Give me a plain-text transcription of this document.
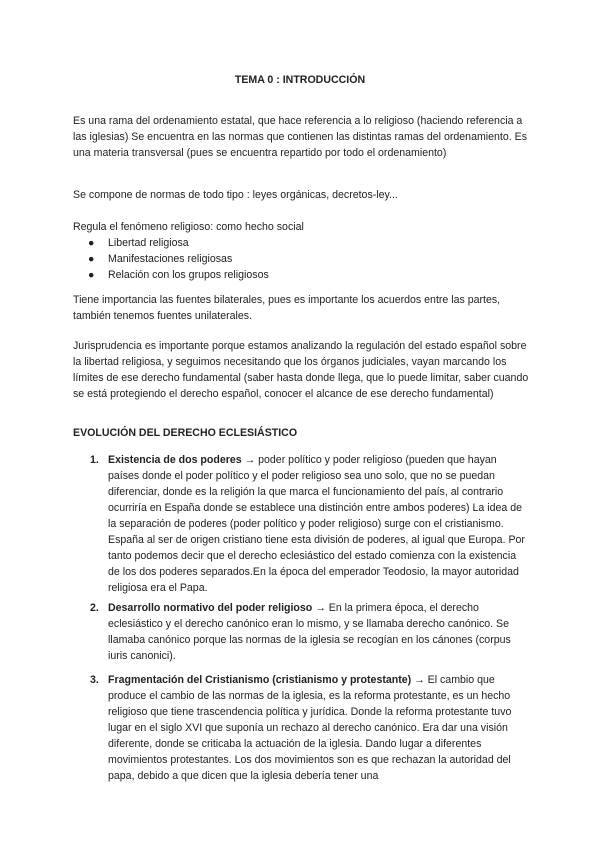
TEMA 0 : INTRODUCCIÓN

Es una rama del ordenamiento estatal, que hace referencia a lo religioso (haciendo referencia a las iglesias) Se encuentra en las normas que contienen las distintas ramas del ordenamiento. Es una materia transversal (pues se encuentra repartido por todo el ordenamiento)

Se compone de normas de todo tipo : leyes orgánicas, decretos-ley...

Regula el fenómeno religioso: como hecho social

● Libertad religiosa
● Manifestaciones religiosas
● Relación con los grupos religiosos

Tiene importancia las fuentes bilaterales, pues es importante los acuerdos entre las partes, también tenemos fuentes unilaterales.

Jurisprudencia es importante porque estamos analizando la regulación del estado español sobre la libertad religiosa, y seguimos necesitando que los órganos judiciales, vayan marcando los límites de ese derecho fundamental (saber hasta donde llega, que lo puede limitar, saber cuando se está protegiendo el derecho español, conocer el alcance de ese derecho fundamental)

EVOLUCIÓN DEL DERECHO ECLESIÁSTICO
1. Existencia de dos poderes → poder político y poder religioso (pueden que hayan países donde el poder político y el poder religioso sea uno solo, que no se puedan diferenciar, donde es la religión la que marca el funcionamiento del país, al contrario ocurriría en España donde se establece una distinción entre ambos poderes) La idea de la separación de poderes (poder político y poder religioso) surge con el cristianismo. España al ser de origen cristiano tiene esta división de poderes, al igual que Europa. Por tanto podemos decir que el derecho eclesiástico del estado comienza con la existencia de los dos poderes separados.En la época del emperador Teodosio, la mayor autoridad religiosa era el Papa.
2. Desarrollo normativo del poder religioso → En la primera época, el derecho eclesiástico y el derecho canónico eran lo mismo, y se llamaba derecho canónico. Se llamaba canónico porque las normas de la iglesia se recogían en los cánones (corpus iuris canonici).
3. Fragmentación del Cristianismo (cristianismo y protestante) → El cambio que produce el cambio de las normas de la iglesia, es la reforma protestante, es un hecho religioso que tiene trascendencia política y jurídica. Donde la reforma protestante tuvo lugar en el siglo XVI que suponía un rechazo al derecho canónico. Era dar una visión diferente, donde se criticaba la actuación de la iglesia. Dando lugar a diferentes movimientos protestantes. Los dos movimientos son es que rechazan la autoridad del papa, debido a que dicen que la iglesia debería tener una
